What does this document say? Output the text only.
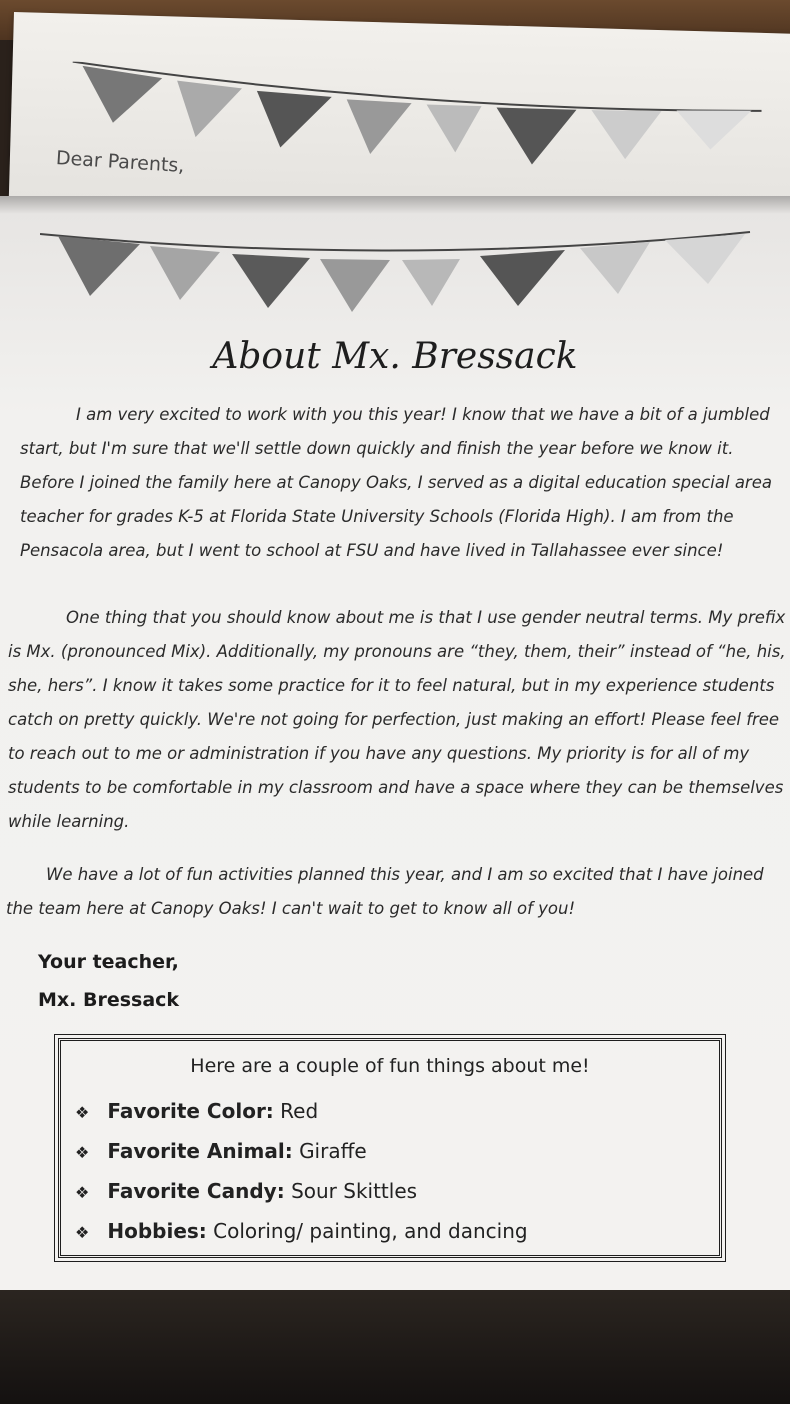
Dear Parents,
About Mx. Bressack

I am very excited to work with you this year! I know that we have a bit of a jumbled start, but I'm sure that we'll settle down quickly and finish the year before we know it. Before I joined the family here at Canopy Oaks, I served as a digital education special area teacher for grades K-5 at Florida State University Schools (Florida High). I am from the Pensacola area, but I went to school at FSU and have lived in Tallahassee ever since!

One thing that you should know about me is that I use gender neutral terms. My prefix is Mx. (pronounced Mix). Additionally, my pronouns are “they, them, their” instead of “he, his, she, hers”. I know it takes some practice for it to feel natural, but in my experience students catch on pretty quickly. We're not going for perfection, just making an effort! Please feel free to reach out to me or administration if you have any questions. My priority is for all of my students to be comfortable in my classroom and have a space where they can be themselves while learning.

We have a lot of fun activities planned this year, and I am so excited that I have joined the team here at Canopy Oaks! I can't wait to get to know all of you!

Your teacher,
Mx. Bressack
Here are a couple of fun things about me!
❖ Favorite Color: Red
❖ Favorite Animal: Giraffe
❖ Favorite Candy: Sour Skittles
❖ Hobbies: Coloring/ painting, and dancing
